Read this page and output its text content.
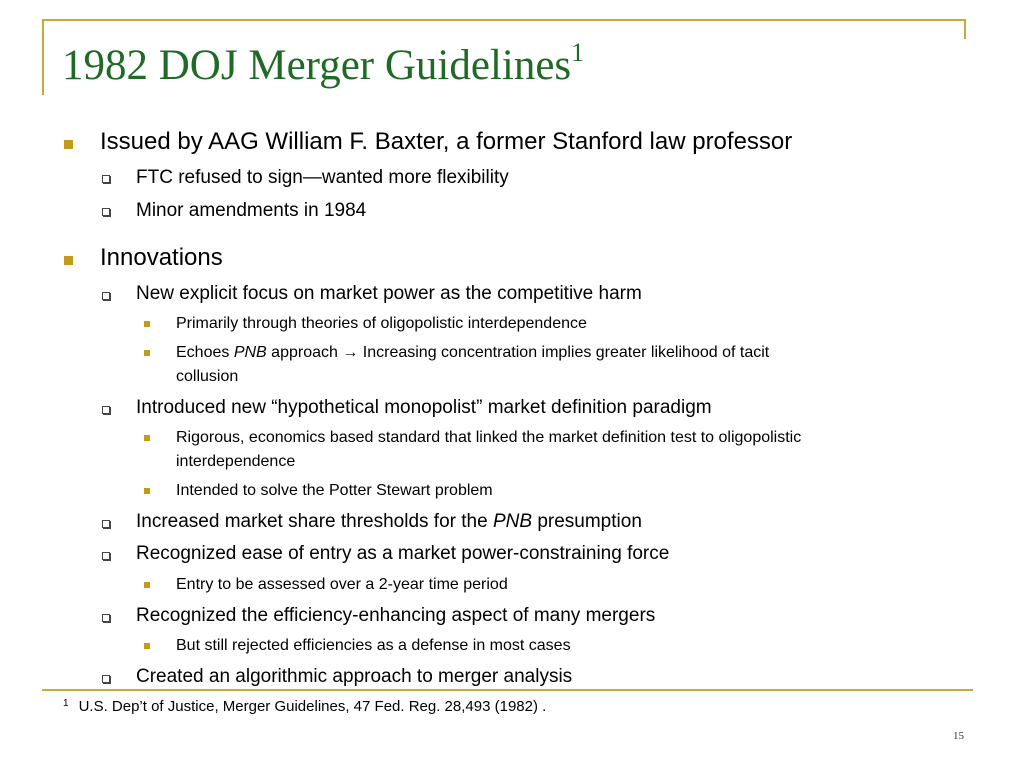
1982 DOJ Merger Guidelines$^1$
Issued by AAG William F. Baxter, a former Stanford law professor
FTC refused to sign—wanted more flexibility
Minor amendments in 1984
Innovations
New explicit focus on market power as the competitive harm
Primarily through theories of oligopolistic interdependence
Echoes PNB approach → Increasing concentration implies greater likelihood of tacit
collusion
Introduced new “hypothetical monopolist” market definition paradigm
Rigorous, economics based standard that linked the market definition test to oligopolistic
interdependence
Intended to solve the Potter Stewart problem
Increased market share thresholds for the PNB presumption
Recognized ease of entry as a market power-constraining force
Entry to be assessed over a 2-year time period
Recognized the efficiency-enhancing aspect of many mergers
But still rejected efficiencies as a defense in most cases
Created an algorithmic approach to merger analysis
$^1$ U.S. Dep’t of Justice, Merger Guidelines, 47 Fed. Reg. 28,493 (1982) .
15
